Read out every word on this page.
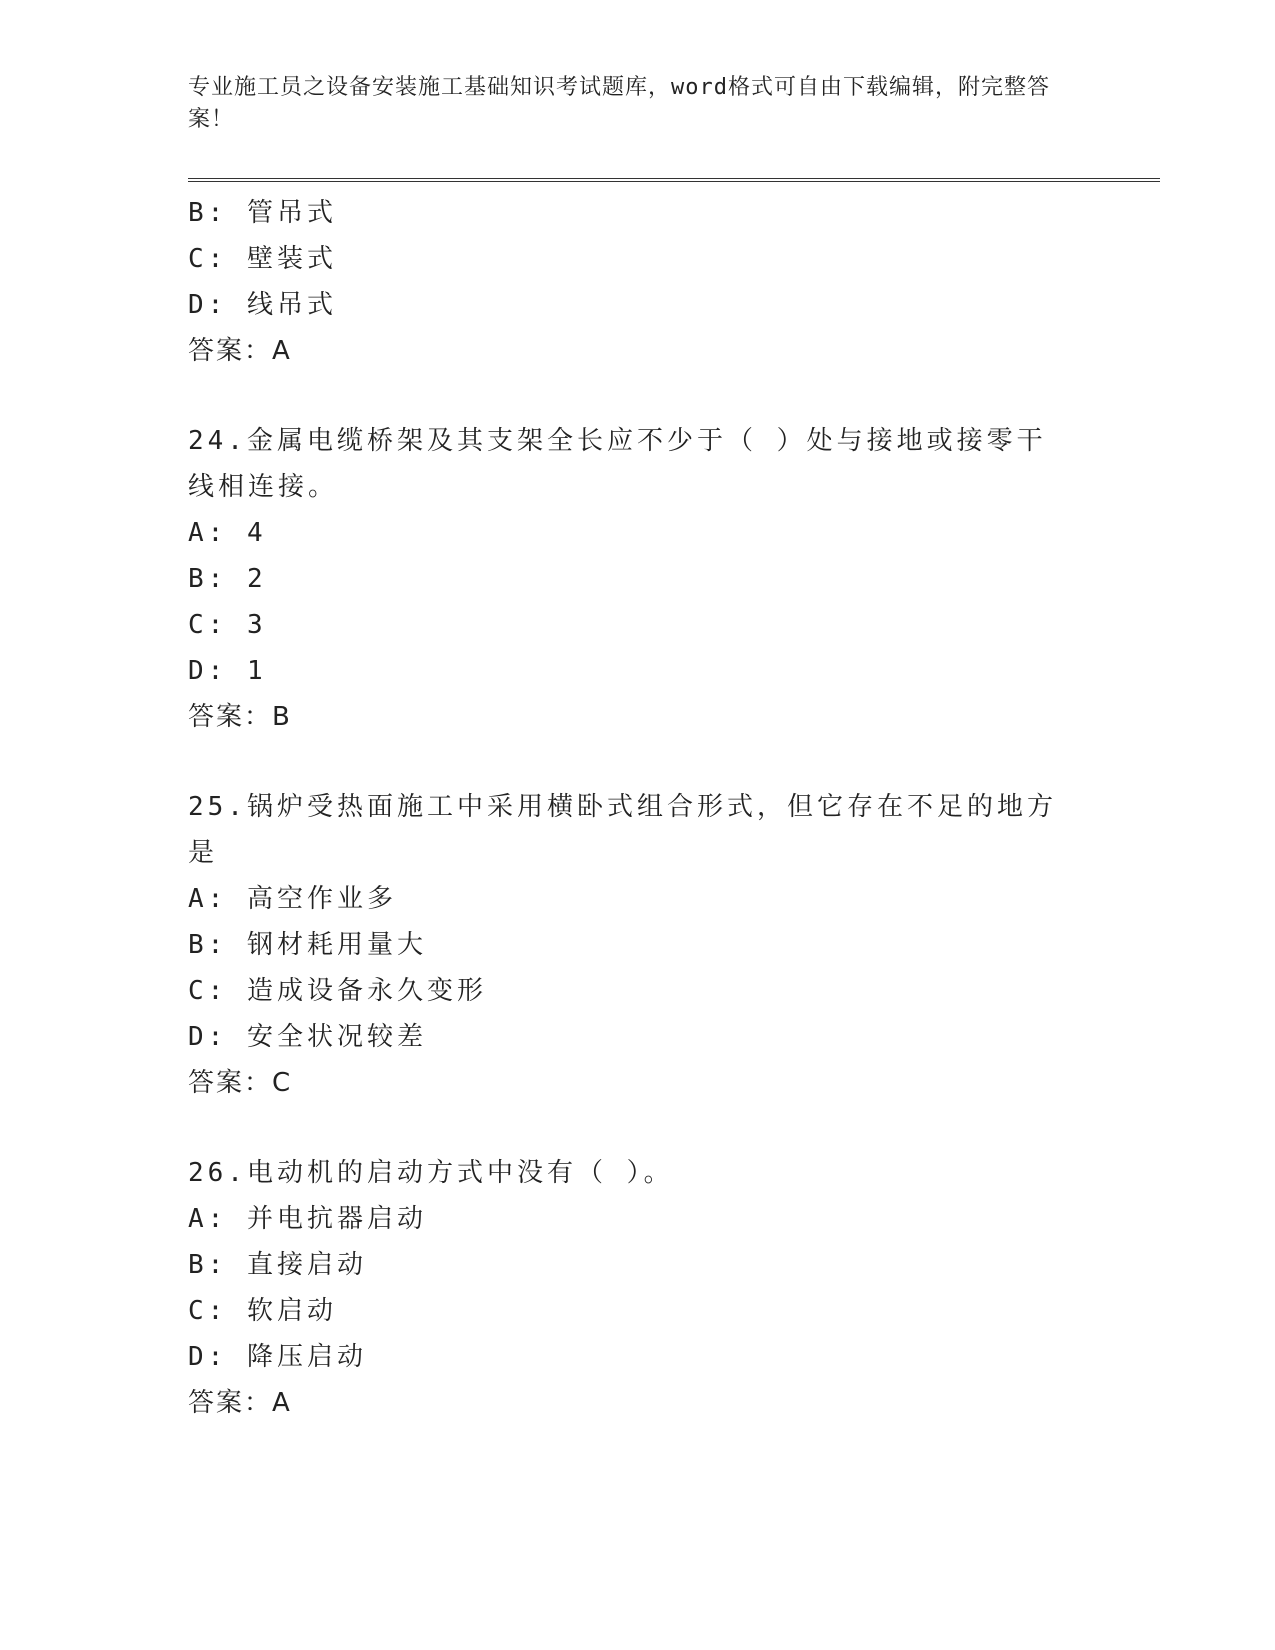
专业施工员之设备安装施工基础知识考试题库，word格式可自由下载编辑，附完整答案！
B: 管吊式
C: 壁装式
D: 线吊式
答案：A
24.金属电缆桥架及其支架全长应不少于（ ）处与接地或接零干线相连接。
A: 4
B: 2
C: 3
D: 1
答案：B
25.锅炉受热面施工中采用横卧式组合形式，但它存在不足的地方是
A: 高空作业多
B: 钢材耗用量大
C: 造成设备永久变形
D: 安全状况较差
答案：C
26.电动机的启动方式中没有（ ）。
A: 并电抗器启动
B: 直接启动
C: 软启动
D: 降压启动
答案：A
